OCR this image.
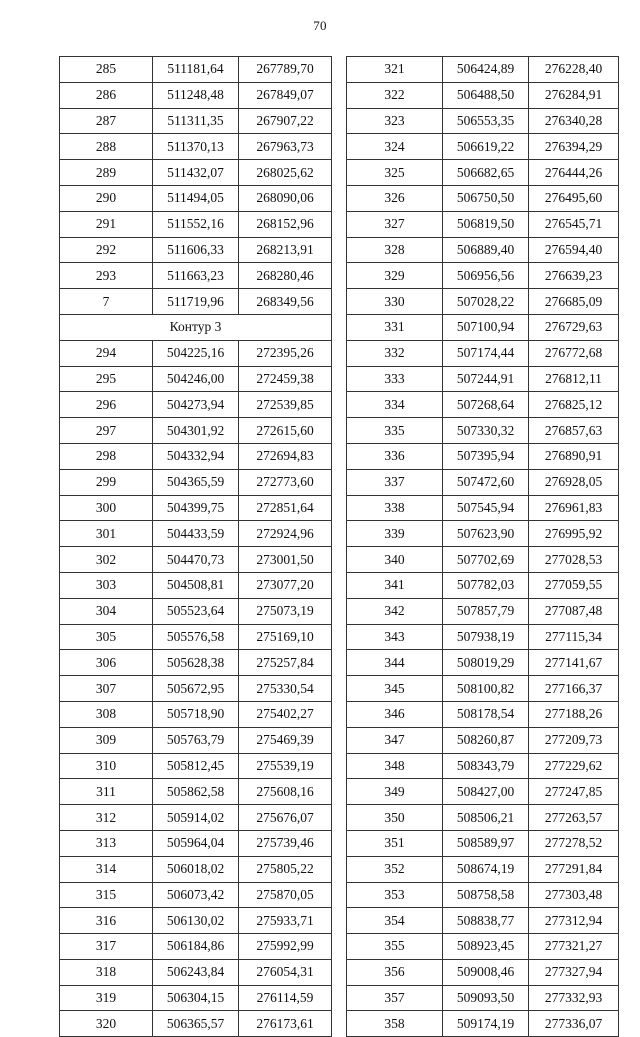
70
285	511181,64	267789,70
286	511248,48	267849,07
287	511311,35	267907,22
288	511370,13	267963,73
289	511432,07	268025,62
290	511494,05	268090,06
291	511552,16	268152,96
292	511606,33	268213,91
293	511663,23	268280,46
7	511719,96	268349,56
Контур 3		
294	504225,16	272395,26
295	504246,00	272459,38
296	504273,94	272539,85
297	504301,92	272615,60
298	504332,94	272694,83
299	504365,59	272773,60
300	504399,75	272851,64
301	504433,59	272924,96
302	504470,73	273001,50
303	504508,81	273077,20
304	505523,64	275073,19
305	505576,58	275169,10
306	505628,38	275257,84
307	505672,95	275330,54
308	505718,90	275402,27
309	505763,79	275469,39
310	505812,45	275539,19
311	505862,58	275608,16
312	505914,02	275676,07
313	505964,04	275739,46
314	506018,02	275805,22
315	506073,42	275870,05
316	506130,02	275933,71
317	506184,86	275992,99
318	506243,84	276054,31
319	506304,15	276114,59
320	506365,57	276173,61
321	506424,89	276228,40
322	506488,50	276284,91
323	506553,35	276340,28
324	506619,22	276394,29
325	506682,65	276444,26
326	506750,50	276495,60
327	506819,50	276545,71
328	506889,40	276594,40
329	506956,56	276639,23
330	507028,22	276685,09
331	507100,94	276729,63
332	507174,44	276772,68
333	507244,91	276812,11
334	507268,64	276825,12
335	507330,32	276857,63
336	507395,94	276890,91
337	507472,60	276928,05
338	507545,94	276961,83
339	507623,90	276995,92
340	507702,69	277028,53
341	507782,03	277059,55
342	507857,79	277087,48
343	507938,19	277115,34
344	508019,29	277141,67
345	508100,82	277166,37
346	508178,54	277188,26
347	508260,87	277209,73
348	508343,79	277229,62
349	508427,00	277247,85
350	508506,21	277263,57
351	508589,97	277278,52
352	508674,19	277291,84
353	508758,58	277303,48
354	508838,77	277312,94
355	508923,45	277321,27
356	509008,46	277327,94
357	509093,50	277332,93
358	509174,19	277336,07
